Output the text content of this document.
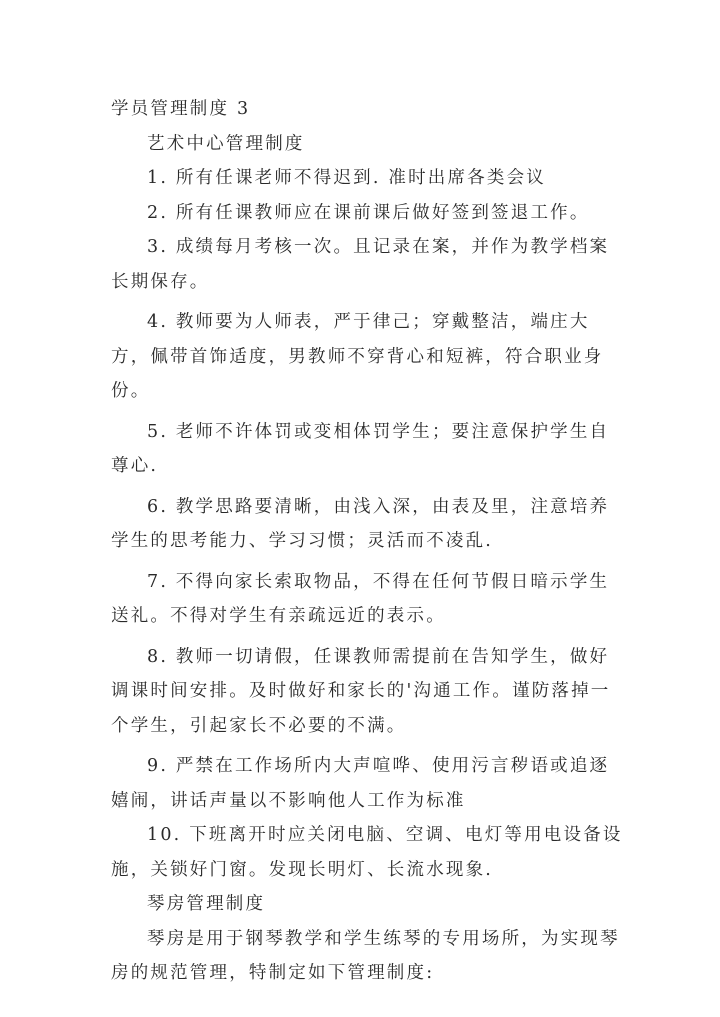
学员管理制度 3

艺术中心管理制度

1. 所有任课老师不得迟到. 准时出席各类会议

2. 所有任课教师应在课前课后做好签到签退工作。

3. 成绩每月考核一次。且记录在案，并作为教学档案长期保存。

4. 教师要为人师表，严于律己；穿戴整洁，端庄大方，佩带首饰适度，男教师不穿背心和短裤，符合职业身份。

5. 老师不许体罚或变相体罚学生；要注意保护学生自尊心.

6. 教学思路要清晰，由浅入深，由表及里，注意培养学生的思考能力、学习习惯；灵活而不凌乱.

7. 不得向家长索取物品，不得在任何节假日暗示学生送礼。不得对学生有亲疏远近的表示。

8. 教师一切请假，任课教师需提前在告知学生，做好调课时间安排。及时做好和家长的'沟通工作。谨防落掉一个学生，引起家长不必要的不满。

9. 严禁在工作场所内大声喧哗、使用污言秽语或追逐嬉闹，讲话声量以不影响他人工作为标准

10. 下班离开时应关闭电脑、空调、电灯等用电设备设施，关锁好门窗。发现长明灯、长流水现象.

琴房管理制度

琴房是用于钢琴教学和学生练琴的专用场所，为实现琴房的规范管理，特制定如下管理制度:
